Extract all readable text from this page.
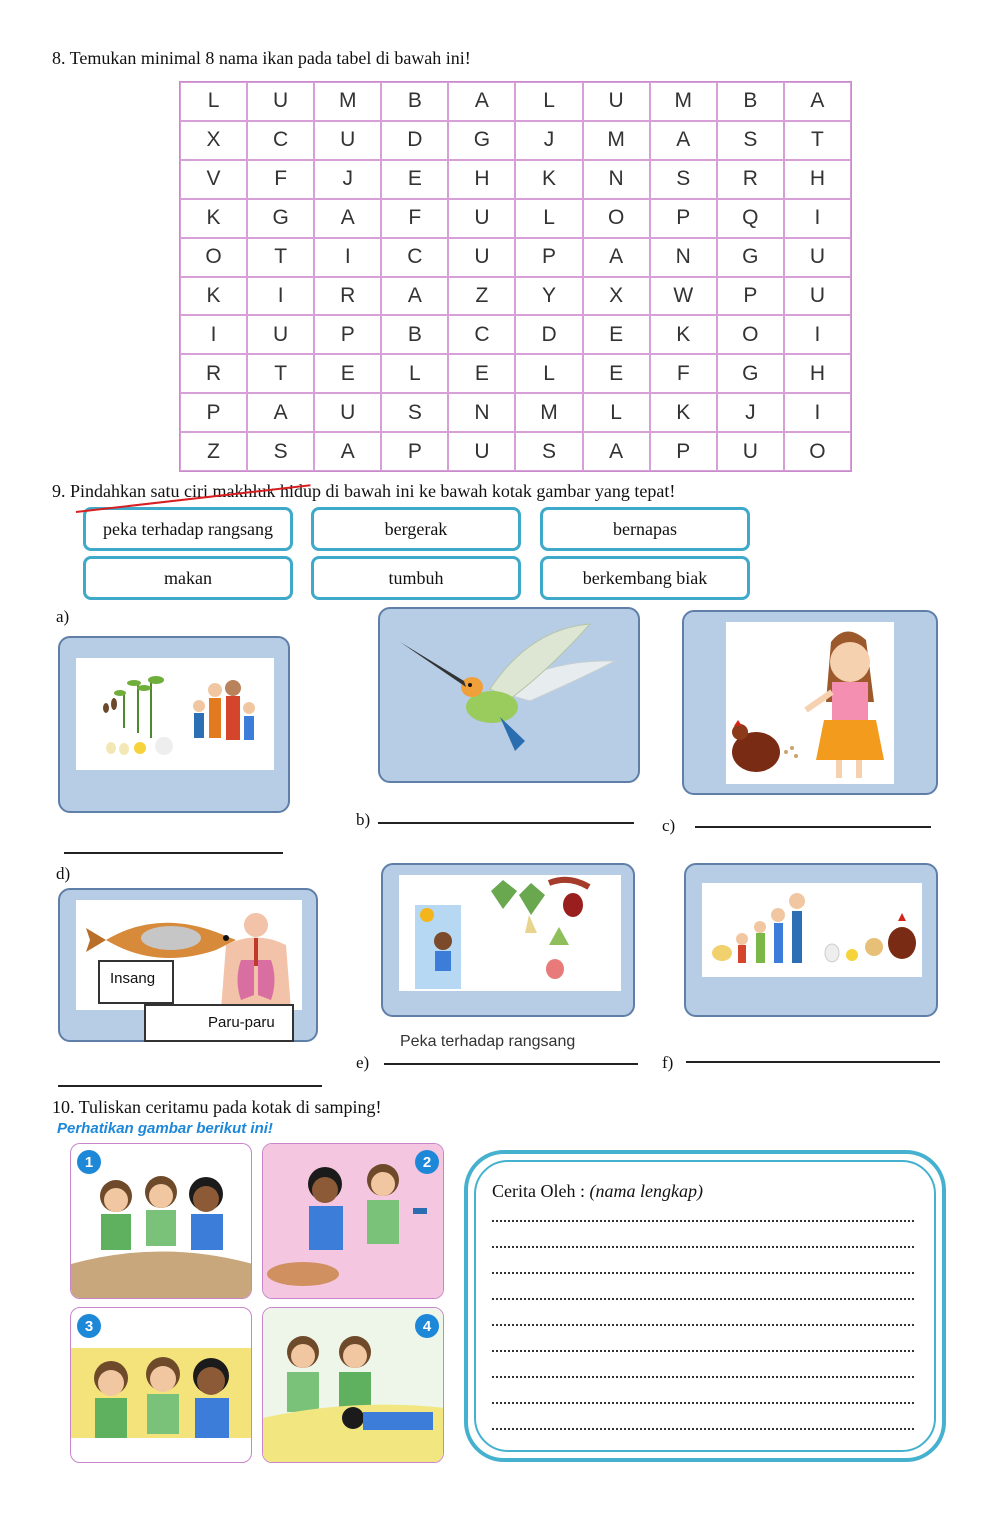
8. Temukan minimal 8 nama ikan pada tabel di bawah ini!
L	U	M	B	A	L	U	M	B	A
X	C	U	D	G	J	M	A	S	T
V	F	J	E	H	K	N	S	R	H
K	G	A	F	U	L	O	P	Q	I
O	T	I	C	U	P	A	N	G	U
K	I	R	A	Z	Y	X	W	P	U
I	U	P	B	C	D	E	K	O	I
R	T	E	L	E	L	E	F	G	H
P	A	U	S	N	M	L	K	J	I
Z	S	A	P	U	S	A	P	U	O
9. Pindahkan satu ciri makhluk hidup di bawah ini ke bawah kotak gambar yang tepat!
peka terhadap rangsang	bergerak	bernapas
makan	tumbuh	berkembang biak
a)
b)	c)
d)
Insang
Paru-paru
Peka terhadap rangsang
e)	f)
10. Tuliskan ceritamu pada kotak di samping!
Perhatikan gambar berikut ini!
1	2
3	4
Cerita Oleh : (nama lengkap)
